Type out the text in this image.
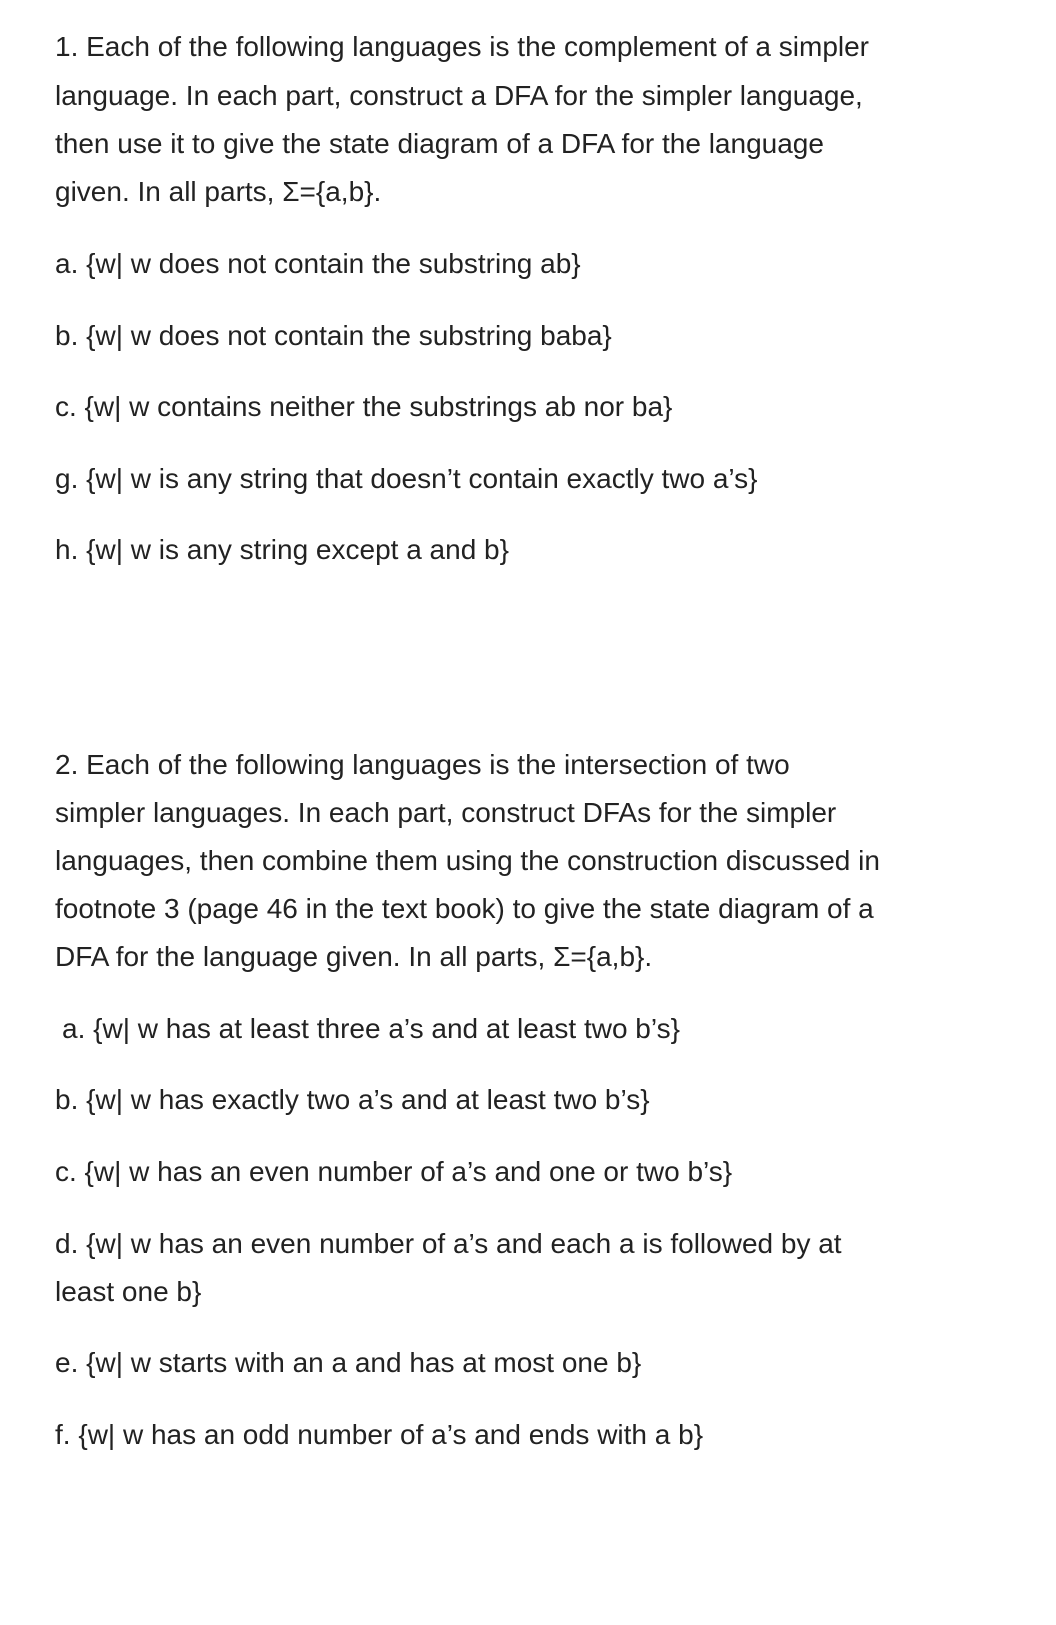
1. Each of the following languages is the complement of a simpler

language. In each part, construct a DFA for the simpler language,

then use it to give the state diagram of a DFA for the language

given. In all parts, Σ={a,b}.

a. {w| w does not contain the substring ab}

b. {w| w does not contain the substring baba}

c. {w| w contains neither the substrings ab nor ba}

g. {w| w is any string that doesn’t contain exactly two a’s}

h. {w| w is any string except a and b}

2. Each of the following languages is the intersection of two

simpler languages. In each part, construct DFAs for the simpler

languages, then combine them using the construction discussed in

footnote 3 (page 46 in the text book) to give the state diagram of a

DFA for the language given. In all parts, Σ={a,b}.

a. {w| w has at least three a’s and at least two b’s}

b. {w| w has exactly two a’s and at least two b’s}

c. {w| w has an even number of a’s and one or two b’s}

d. {w| w has an even number of a’s and each a is followed by at

least one b}

e. {w| w starts with an a and has at most one b}

f. {w| w has an odd number of a’s and ends with a b}
